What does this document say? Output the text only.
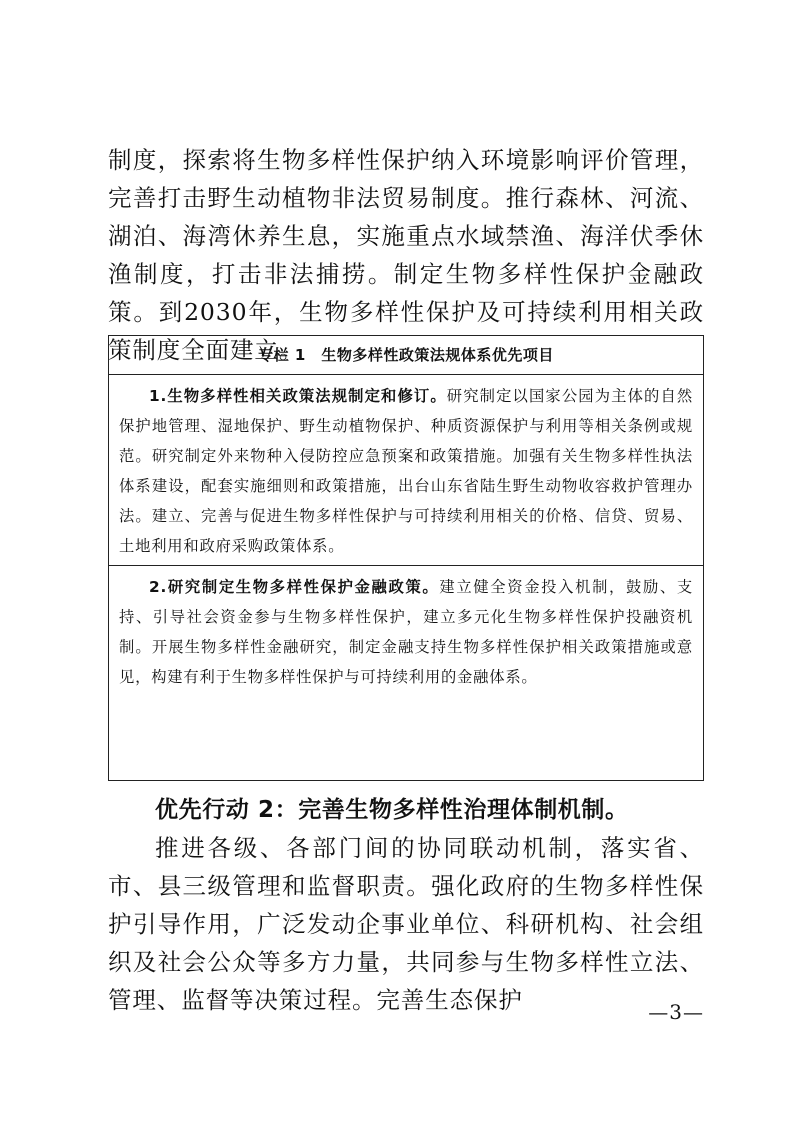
制度，探索将生物多样性保护纳入环境影响评价管理，完善打击野生动植物非法贸易制度。推行森林、河流、湖泊、海湾休养生息，实施重点水域禁渔、海洋伏季休渔制度，打击非法捕捞。制定生物多样性保护金融政策。到2030年，生物多样性保护及可持续利用相关政策制度全面建立。

专栏 1　生物多样性政策法规体系优先项目

1.生物多样性相关政策法规制定和修订。研究制定以国家公园为主体的自然保护地管理、湿地保护、野生动植物保护、种质资源保护与利用等相关条例或规范。研究制定外来物种入侵防控应急预案和政策措施。加强有关生物多样性执法体系建设，配套实施细则和政策措施，出台山东省陆生野生动物收容救护管理办法。建立、完善与促进生物多样性保护与可持续利用相关的价格、信贷、贸易、土地利用和政府采购政策体系。

2.研究制定生物多样性保护金融政策。建立健全资金投入机制，鼓励、支持、引导社会资金参与生物多样性保护，建立多元化生物多样性保护投融资机制。开展生物多样性金融研究，制定金融支持生物多样性保护相关政策措施或意见，构建有利于生物多样性保护与可持续利用的金融体系。

优先行动 2：完善生物多样性治理体制机制。

推进各级、各部门间的协同联动机制，落实省、市、县三级管理和监督职责。强化政府的生物多样性保护引导作用，广泛发动企事业单位、科研机构、社会组织及社会公众等多方力量，共同参与生物多样性立法、管理、监督等决策过程。完善生态保护	—3—
